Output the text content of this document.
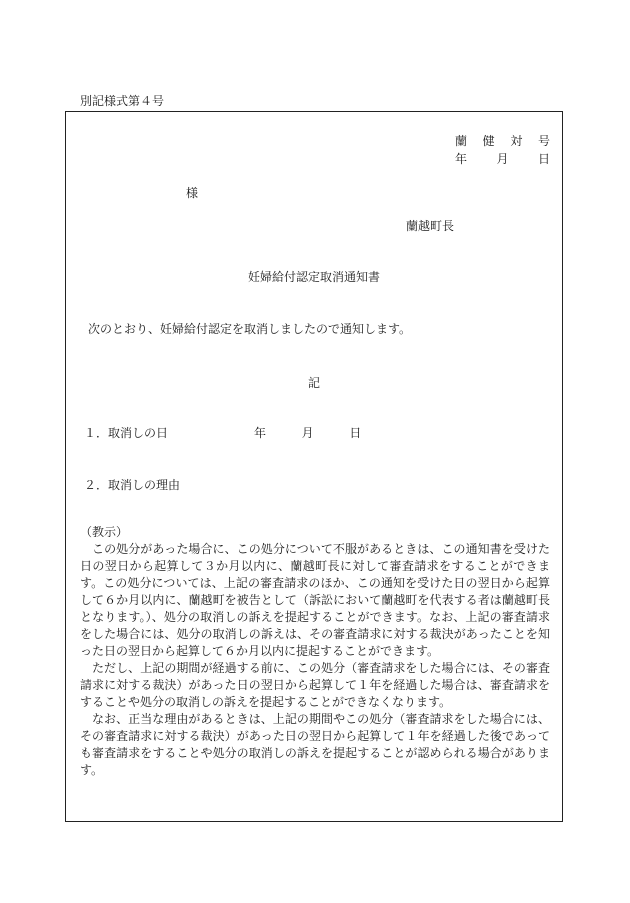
別記様式第４号
蘭 健 対 号
年 月 日
様
蘭越町長
妊婦給付認定取消通知書
次のとおり、妊婦給付認定を取消しましたので通知します。
記
１．取消しの日	年	月	日
２．取消しの理由
（教示）

この処分があった場合に、この処分について不服があるときは、この通知書を受けた日の翌日から起算して３か月以内に、蘭越町長に対して審査請求をすることができます。この処分については、上記の審査請求のほか、この通知を受けた日の翌日から起算して６か月以内に、蘭越町を被告として（訴訟において蘭越町を代表する者は蘭越町長となります。）、処分の取消しの訴えを提起することができます。なお、上記の審査請求をした場合には、処分の取消しの訴えは、その審査請求に対する裁決があったことを知った日の翌日から起算して６か月以内に提起することができます。

ただし、上記の期間が経過する前に、この処分（審査請求をした場合には、その審査請求に対する裁決）があった日の翌日から起算して１年を経過した場合は、審査請求をすることや処分の取消しの訴えを提起することができなくなります。

なお、正当な理由があるときは、上記の期間やこの処分（審査請求をした場合には、その審査請求に対する裁決）があった日の翌日から起算して１年を経過した後であっても審査請求をすることや処分の取消しの訴えを提起することが認められる場合があります。
